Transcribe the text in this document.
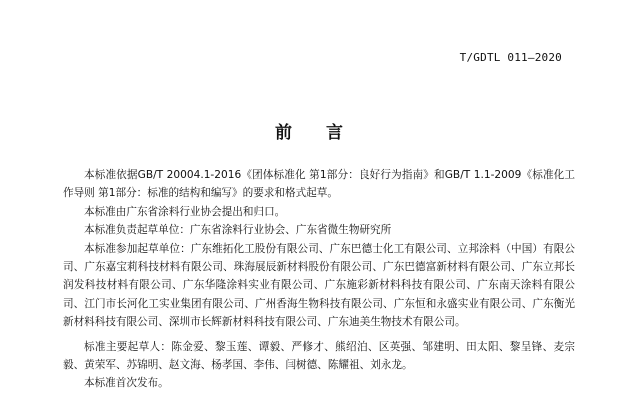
T/GDTL 011—2020
前 言

本标准依据GB/T 20004.1-2016《团体标准化 第1部分：良好行为指南》和GB/T 1.1-2009《标准化工作导则 第1部分：标准的结构和编写》的要求和格式起草。

本标准由广东省涂料行业协会提出和归口。

本标准负责起草单位：广东省涂料行业协会、广东省微生物研究所

本标准参加起草单位：广东维拓化工股份有限公司、广东巴德士化工有限公司、立邦涂料（中国）有限公司、广东嘉宝莉科技材料有限公司、珠海展辰新材料股份有限公司、广东巴德富新材料有限公司、广东立邦长润发科技材料有限公司、广东华隆涂料实业有限公司、广东施彩新材料科技有限公司、广东南天涂料有限公司、江门市长河化工实业集团有限公司、广州香海生物科技有限公司、广东恒和永盛实业有限公司、广东衡光新材料科技有限公司、深圳市长辉新材料科技有限公司、广东迪美生物技术有限公司。

标准主要起草人：陈金爱、黎玉莲、谭毅、严修才、熊绍泊、区英强、邹建明、田太阳、黎呈锋、麦宗毅、黄荣军、苏锦明、赵文海、杨孝国、李伟、闫树德、陈耀祖、刘永龙。

本标准首次发布。
